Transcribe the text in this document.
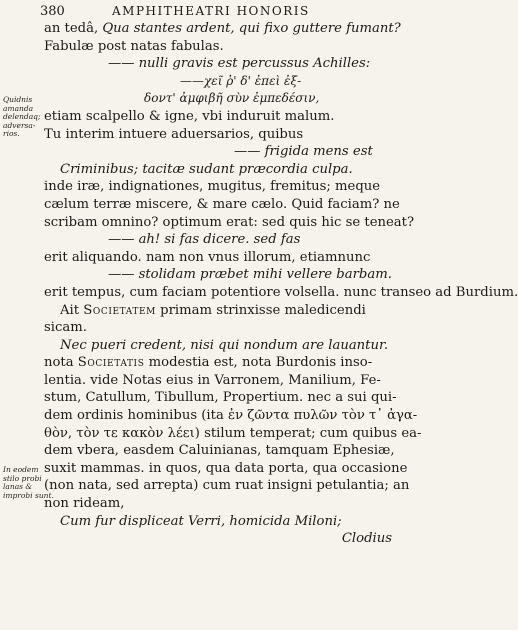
380	AMPHITHEATRI HONORIS
Quidnis
amanda
delendaq;
adversa-
rios.
In eodem
stilo probi
lanas &
improbi sunt.
an tedâ, Qua stantes ardent, qui fixo guttere fumant?
Fabulæ post natas fabulas.
—— nulli gravis est percussus Achilles:
——χεῖ ῥ' δ' ἐπεὶ ἐξ-
δοντ' ἀμφιβῆ σὺν ἐμπεδέσιν,
etiam scalpello & igne, vbi induruit malum.
Tu interim intuere aduersarios, quibus
—— frigida mens est
Criminibus; tacitæ sudant præcordia culpa.
inde iræ, indignationes, mugitus, fremitus; meque
cælum terræ miscere, & mare cælo. Quid faciam? ne
scribam omnino? optimum erat: sed quis hic se teneat?
—— ah! si fas dicere. sed fas
erit aliquando. nam non vnus illorum, etiamnunc
—— stolidam præbet mihi vellere barbam.
erit tempus, cum faciam potentiore volsella. nunc transeo ad Burdium.
Ait Societatem primam strinxisse maledicendi
sicam.
Nec pueri credent, nisi qui nondum are lauantur.
nota Societatis modestia est, nota Burdonis inso-
lentia. vide Notas eius in Varronem, Manilium, Fe-
stum, Catullum, Tibullum, Propertium. nec a sui qui-
dem ordinis hominibus (ita ἐν ζῶντα πυλῶν τὸν τ᾽ ἀγα-
θὸν, τὸν τε κακὸν λέει) stilum temperat; cum quibus ea-
dem vbera, easdem Caluinianas, tamquam Ephesiæ,
suxit mammas. in quos, qua data porta, qua occasione
(non nata, sed arrepta) cum ruat insigni petulantia; an
non rideam,
Cum fur displiceat Verri, homicida Miloni;
Clodius
